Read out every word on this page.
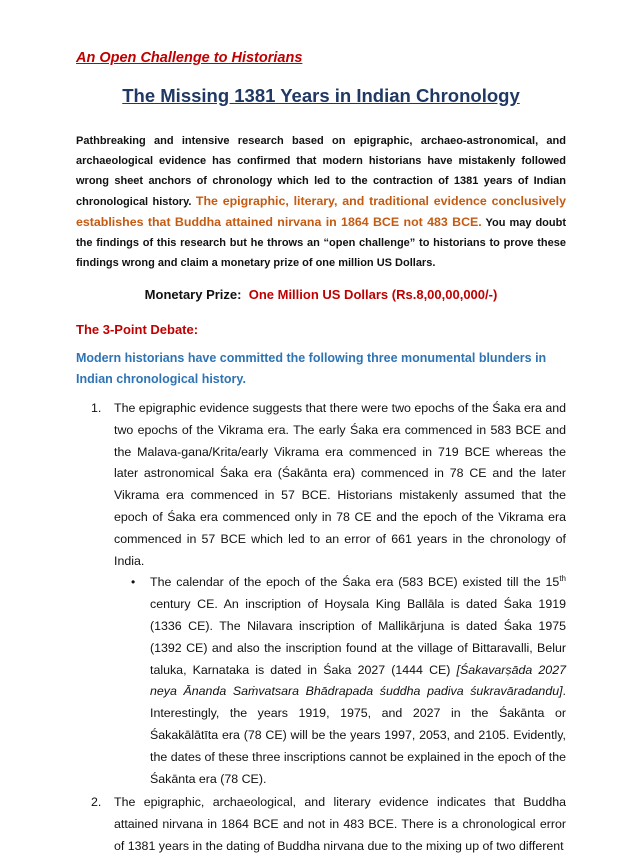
An Open Challenge to Historians

The Missing 1381 Years in Indian Chronology

Pathbreaking and intensive research based on epigraphic, archaeo-astronomical, and archaeological evidence has confirmed that modern historians have mistakenly followed wrong sheet anchors of chronology which led to the contraction of 1381 years of Indian chronological history. The epigraphic, literary, and traditional evidence conclusively establishes that Buddha attained nirvana in 1864 BCE not 483 BCE. You may doubt the findings of this research but he throws an “open challenge” to historians to prove these findings wrong and claim a monetary prize of one million US Dollars.

Monetary Prize: One Million US Dollars (Rs.8,00,00,000/-)

The 3-Point Debate:

Modern historians have committed the following three monumental blunders in Indian chronological history.

1. The epigraphic evidence suggests that there were two epochs of the Śaka era and two epochs of the Vikrama era. The early Śaka era commenced in 583 BCE and the Malava-gana/Krita/early Vikrama era commenced in 719 BCE whereas the later astronomical Śaka era (Śakānta era) commenced in 78 CE and the later Vikrama era commenced in 57 BCE. Historians mistakenly assumed that the epoch of Śaka era commenced only in 78 CE and the epoch of the Vikrama era commenced in 57 BCE which led to an error of 661 years in the chronology of India.
• The calendar of the epoch of the Śaka era (583 BCE) existed till the 15th century CE. An inscription of Hoysala King Ballāla is dated Śaka 1919 (1336 CE). The Nilavara inscription of Mallikārjuna is dated Śaka 1975 (1392 CE) and also the inscription found at the village of Bittaravalli, Belur taluka, Karnataka is dated in Śaka 2027 (1444 CE) [Śakavarṣāda 2027 neya Ānanda Saṁvatsara Bhādrapada śuddha padiva śukravāradandu]. Interestingly, the years 1919, 1975, and 2027 in the Śakānta or Śakakālātīta era (78 CE) will be the years 1997, 2053, and 2105. Evidently, the dates of these three inscriptions cannot be explained in the epoch of the Śakānta era (78 CE).
2. The epigraphic, archaeological, and literary evidence indicates that Buddha attained nirvana in 1864 BCE and not in 483 BCE. There is a chronological error of 1381 years in the dating of Buddha nirvana due to the mixing up of two different
